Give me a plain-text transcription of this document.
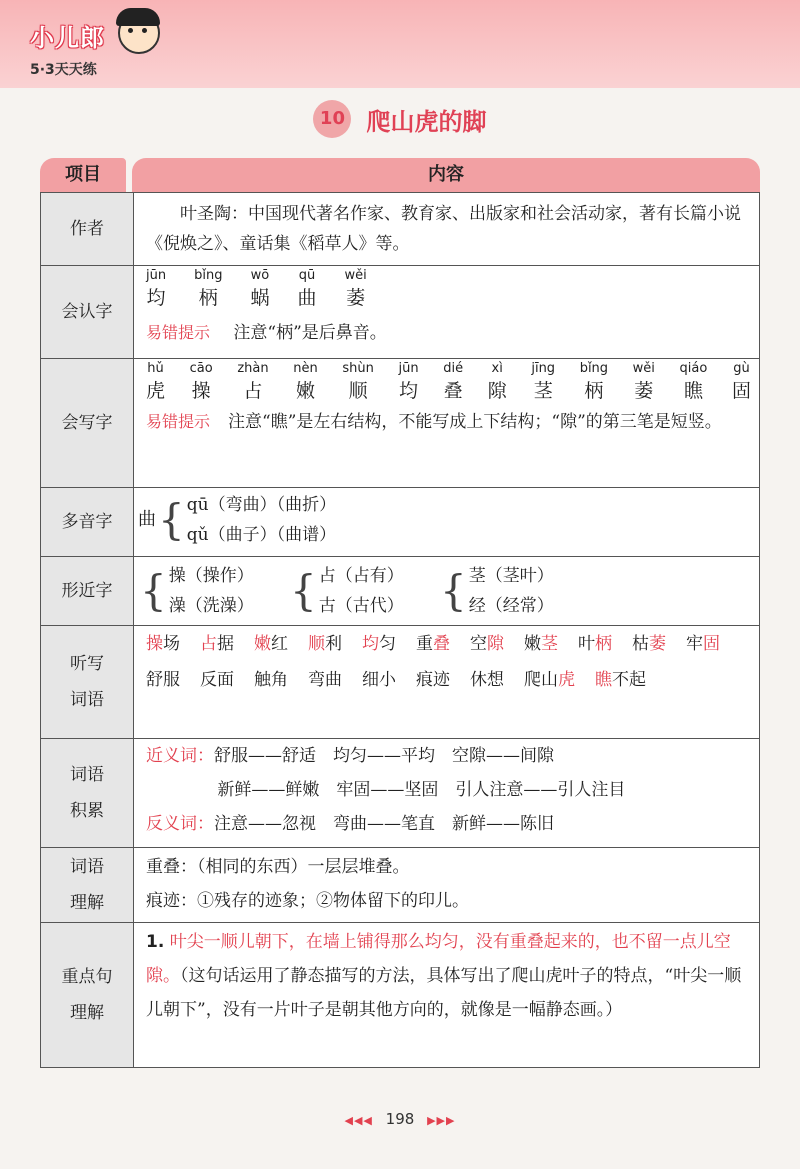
小儿郎
5·3天天练
10 爬山虎的脚
项目	内容
作者
叶圣陶：中国现代著名作家、教育家、出版家和社会活动家，著有长篇小说《倪焕之》、童话集《稻草人》等。
会认字
jūn
均
bǐng
柄
wō
蜗
qū
曲
wěi
萎
易错提示 注意“柄”是后鼻音。
会写字
hǔ
虎
cāo
操
zhàn
占
nèn
嫩
shùn
顺
jūn
均
dié
叠
xì
隙
jīng
茎
bǐng
柄
wěi
萎
qiáo
瞧
gù
固
易错提示 注意“瞧”是左右结构，不能写成上下结构；“隙”的第三笔是短竖。
多音字	曲 { qū（弯曲）（曲折）
qǔ（曲子）（曲谱）
形近字 { 操（操作）
澡（洗澡） { 占（占有）
古（古代） { 茎（茎叶）
经（经常）
听写
词语
操场 占据 嫩红 顺利 均匀 重叠 空隙 嫩茎 叶柄 枯萎 牢固
舒服 反面 触角 弯曲 细小 痕迹 休想 爬山虎 瞧不起
词语
积累
近义词：舒服——舒适　均匀——平均　空隙——间隙
新鲜——鲜嫩　牢固——坚固　引人注意——引人注目
反义词：注意——忽视　弯曲——笔直　新鲜——陈旧
词语
理解
重叠：（相同的东西）一层层堆叠。
痕迹：①残存的迹象；②物体留下的印儿。
重点句
理解
1. 叶尖一顺儿朝下，在墙上铺得那么均匀，没有重叠起来的，也不留一点儿空隙。（这句话运用了静态描写的方法，具体写出了爬山虎叶子的特点，“叶尖一顺儿朝下”，没有一片叶子是朝其他方向的，就像是一幅静态画。）
◀◀◀ 198 ▶▶▶
